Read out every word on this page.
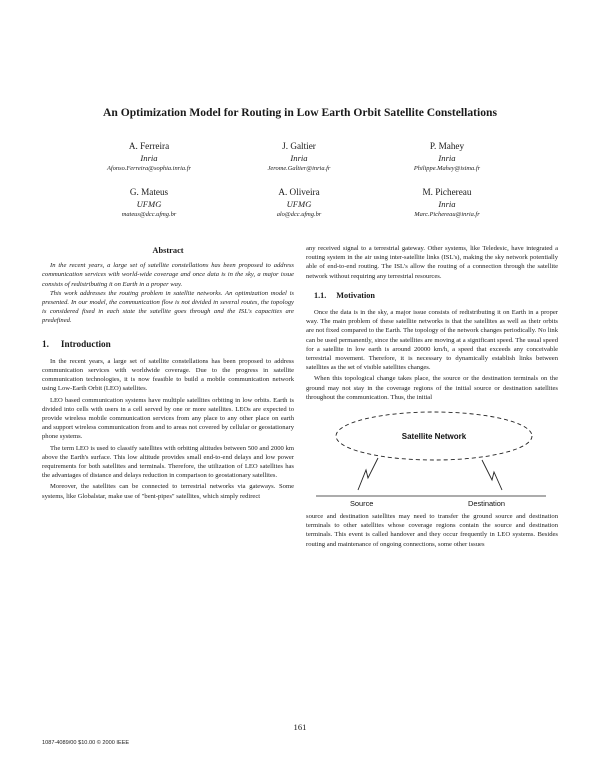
An Optimization Model for Routing in Low Earth Orbit Satellite Constellations
A. Ferreira
Inria
Afonso.Ferreira@sophia.inria.fr
J. Galtier
Inria
Jerome.Galtier@inria.fr
P. Mahey
Inria
Philippe.Mahey@isima.fr
G. Mateus
UFMG
mateus@dcc.ufmg.br
A. Oliveira
UFMG
alo@dcc.ufmg.br
M. Pichereau
Inria
Marc.Pichereau@inria.fr
Abstract

In the recent years, a large set of satellite constellations has been proposed to address communication services with world-wide coverage and once data is in the sky, a major issue consists of redistributing it on Earth in a proper way.

This work addresses the routing problem in satellite networks. An optimization model is presented. In our model, the communication flow is not divided in several routes, the topology is considered fixed in each state the satellite goes through and the ISL's capacities are predefined.

1. Introduction

In the recent years, a large set of satellite constellations has been proposed to address communication services with worldwide coverage. Due to the progress in satellite communication technologies, it is now feasible to build a mobile communication network using Low-Earth Orbit (LEO) satellites.

LEO based communication systems have multiple satellites orbiting in low orbits. Earth is divided into cells with users in a cell served by one or more satellites. LEOs are expected to provide wireless mobile communication services from any place to any other place on earth and support wireless communication from and to areas not covered by cellular or geostationary phone systems.

The term LEO is used to classify satellites with orbiting altitudes between 500 and 2000 km above the Earth's surface. This low altitude provides small end-to-end delays and low power requirements for both satellites and terminals. Therefore, the utilization of LEO satellites has the advantages of distance and delays reduction in comparison to geostationary satellites.

Moreover, the satellites can be connected to terrestrial networks via gateways. Some systems, like Globalstar, make use of "bent-pipes" satellites, which simply redirect

any received signal to a terrestrial gateway. Other systems, like Teledesic, have integrated a routing system in the air using inter-satellite links (ISL's), making the sky network potentially able of end-to-end routing. The ISL's allow the routing of a connection through the satellite network without requiring any terrestrial resources.

1.1. Motivation

Once the data is in the sky, a major issue consists of redistributing it on Earth in a proper way. The main problem of these satellite networks is that the satellites as well as their orbits are not fixed compared to the Earth. The topology of the network changes periodically. No link can be used permanently, since the satellites are moving at a significant speed. The usual speed for a satellite in low earth is around 20000 km/h, a speed that exceeds any conceivable terrestrial movement. Therefore, it is necessary to dynamically establish links between satellites as the set of visible satellites changes.

When this topological change takes place, the source or the destination terminals on the ground may not stay in the coverage regions of the initial source or destination satellites throughout the communication. Thus, the initial

Satellite Network
Source	Destination

source and destination satellites may need to transfer the ground source and destination terminals to other satellites whose coverage regions contain the source and destination terminals. This event is called handover and they occur frequently in LEO systems. Besides routing and maintenance of ongoing connections, some other issues

161
1087-4089/00 $10.00 © 2000 IEEE
